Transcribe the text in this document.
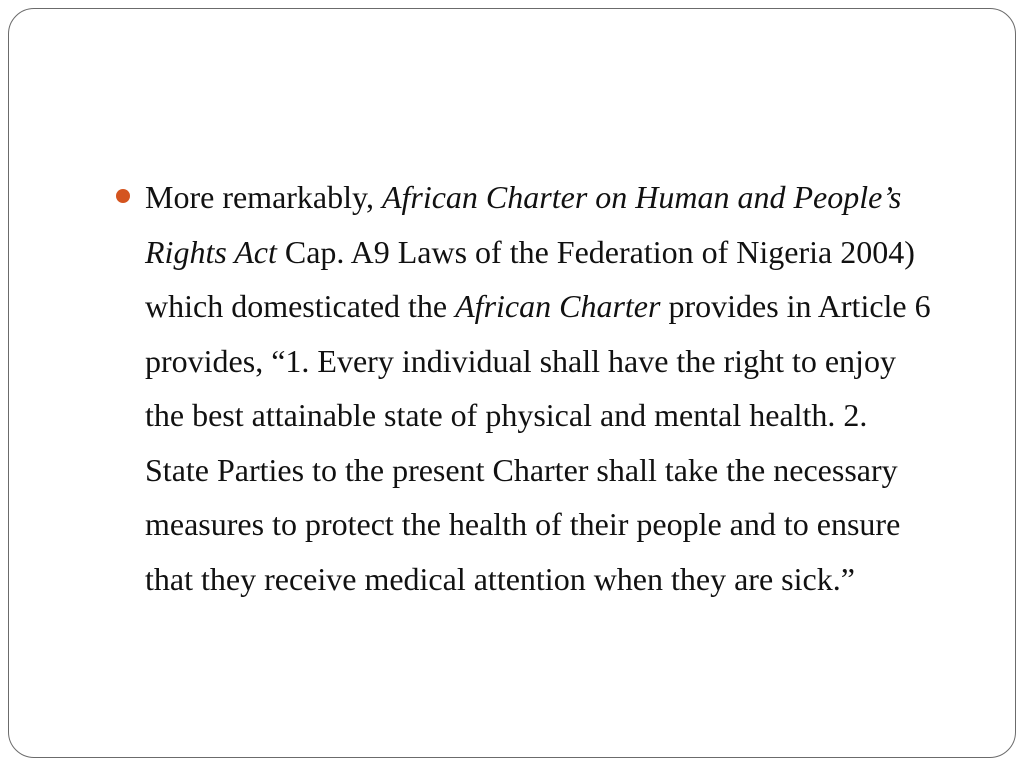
More remarkably, African Charter on Human and People’s Rights Act Cap. A9 Laws of the Federation of Nigeria 2004) which domesticated the African Charter provides in Article 6 provides, “1. Every individual shall have the right to enjoy the best attainable state of physical and mental health. 2. State Parties to the present Charter shall take the necessary measures to protect the health of their people and to ensure that they receive medical attention when they are sick.”
